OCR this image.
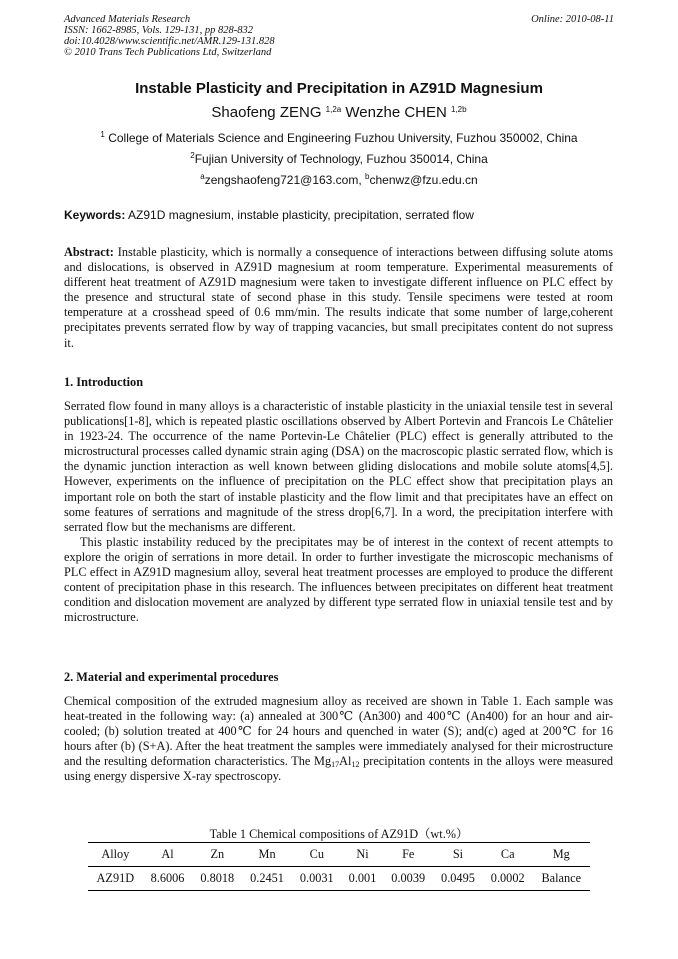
Advanced Materials Research
ISSN: 1662-8985, Vols. 129-131, pp 828-832
doi:10.4028/www.scientific.net/AMR.129-131.828
© 2010 Trans Tech Publications Ltd, Switzerland
Online: 2010-08-11
Instable Plasticity and Precipitation in AZ91D Magnesium
Shaofeng ZENG $^{1,2a}$ Wenzhe CHEN $^{1,2b}$
$^1$ College of Materials Science and Engineering Fuzhou University, Fuzhou 350002, China
$^2$Fujian University of Technology, Fuzhou 350014, China
$^a$zengshaofeng721@163.com, $^b$chenwz@fzu.edu.cn
Keywords: AZ91D magnesium, instable plasticity, precipitation, serrated flow

Abstract: Instable plasticity, which is normally a consequence of interactions between diffusing solute atoms and dislocations, is observed in AZ91D magnesium at room temperature. Experimental measurements of different heat treatment of AZ91D magnesium were taken to investigate different influence on PLC effect by the presence and structural state of second phase in this study. Tensile specimens were tested at room temperature at a crosshead speed of 0.6 mm/min. The results indicate that some number of large,coherent precipitates prevents serrated flow by way of trapping vacancies, but small precipitates content do not supress it.

1. Introduction

Serrated flow found in many alloys is a characteristic of instable plasticity in the uniaxial tensile test in several publications[1-8], which is repeated plastic oscillations observed by Albert Portevin and Francois Le Châtelier in 1923-24. The occurrence of the name Portevin-Le Châtelier (PLC) effect is generally attributed to the microstructural processes called dynamic strain aging (DSA) on the macroscopic plastic serrated flow, which is the dynamic junction interaction as well known between gliding dislocations and mobile solute atoms[4,5]. However, experiments on the influence of precipitation on the PLC effect show that precipitation plays an important role on both the start of instable plasticity and the flow limit and that precipitates have an effect on some features of serrations and magnitude of the stress drop[6,7]. In a word, the precipitation interfere with serrated flow but the mechanisms are different.

This plastic instability reduced by the precipitates may be of interest in the context of recent attempts to explore the origin of serrations in more detail. In order to further investigate the microscopic mechanisms of PLC effect in AZ91D magnesium alloy, several heat treatment processes are employed to produce the different content of precipitation phase in this research. The influences between precipitates on different heat treatment condition and dislocation movement are analyzed by different type serrated flow in uniaxial tensile test and by microstructure.

2. Material and experimental procedures

Chemical composition of the extruded magnesium alloy as received are shown in Table 1. Each sample was heat-treated in the following way: (a) annealed at 300℃ (An300) and 400℃ (An400) for an hour and air-cooled; (b) solution treated at 400℃ for 24 hours and quenched in water (S); and(c) aged at 200℃ for 16 hours after (b) (S+A). After the heat treatment the samples were immediately analysed for their microstructure and the resulting deformation characteristics. The $Mg_{17}Al_{12}$ precipitation contents in the alloys were measured using energy dispersive X-ray spectroscopy.

Table 1 Chemical compositions of AZ91D（wt.%）
Alloy	Al	Zn	Mn	Cu	Ni	Fe	Si	Ca	Mg
AZ91D	8.6006	0.8018	0.2451	0.0031	0.001	0.0039	0.0495	0.0002	Balance
